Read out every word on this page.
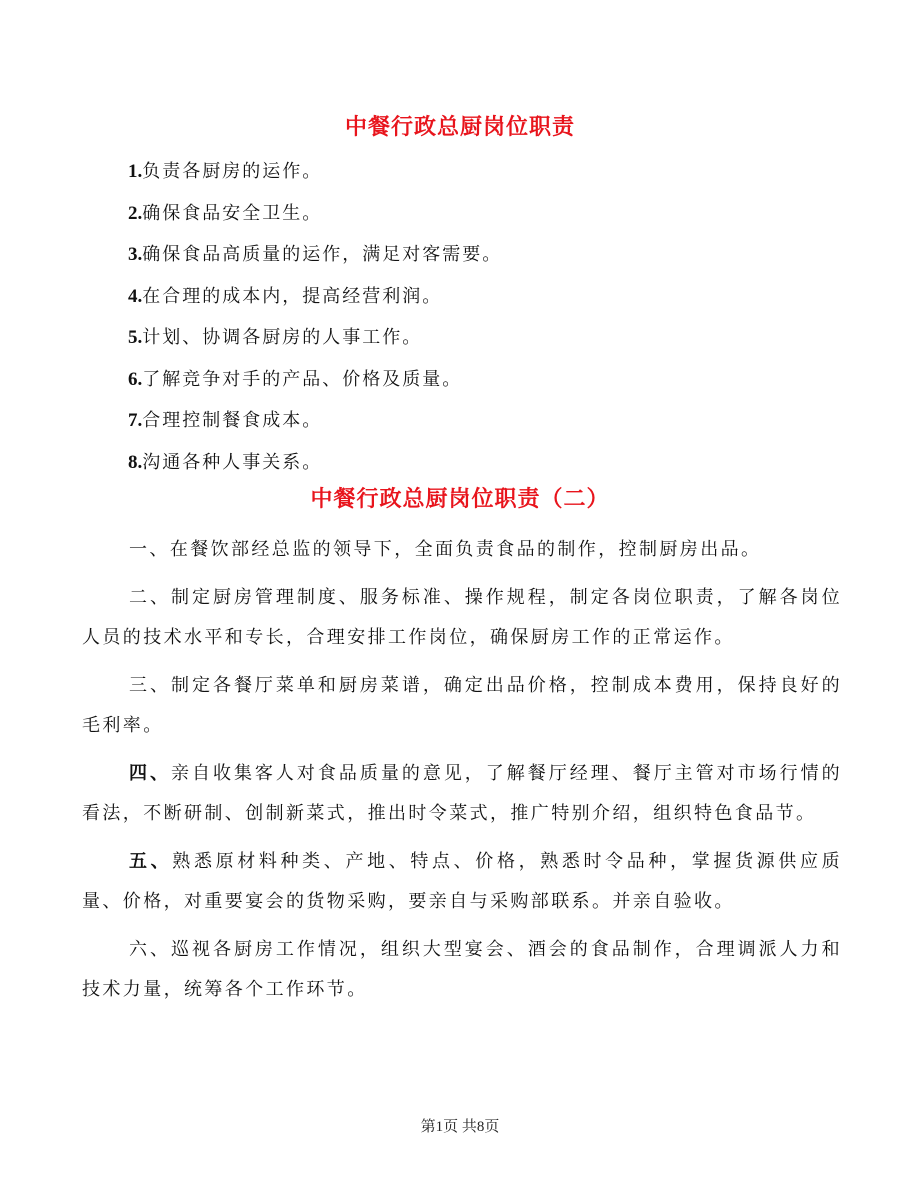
中餐行政总厨岗位职责
1.负责各厨房的运作。
2.确保食品安全卫生。
3.确保食品高质量的运作，满足对客需要。
4.在合理的成本内，提高经营利润。
5.计划、协调各厨房的人事工作。
6.了解竞争对手的产品、价格及质量。
7.合理控制餐食成本。
8.沟通各种人事关系。
中餐行政总厨岗位职责（二）

一、在餐饮部经总监的领导下，全面负责食品的制作，控制厨房出品。

二、制定厨房管理制度、服务标准、操作规程，制定各岗位职责，了解各岗位人员的技术水平和专长，合理安排工作岗位，确保厨房工作的正常运作。

三、制定各餐厅菜单和厨房菜谱，确定出品价格，控制成本费用，保持良好的毛利率。

四、亲自收集客人对食品质量的意见，了解餐厅经理、餐厅主管对市场行情的看法，不断研制、创制新菜式，推出时令菜式，推广特别介绍，组织特色食品节。

五、熟悉原材料种类、产地、特点、价格，熟悉时令品种，掌握货源供应质量、价格，对重要宴会的货物采购，要亲自与采购部联系。并亲自验收。

六、巡视各厨房工作情况，组织大型宴会、酒会的食品制作，合理调派人力和技术力量，统筹各个工作环节。

第1页 共8页
